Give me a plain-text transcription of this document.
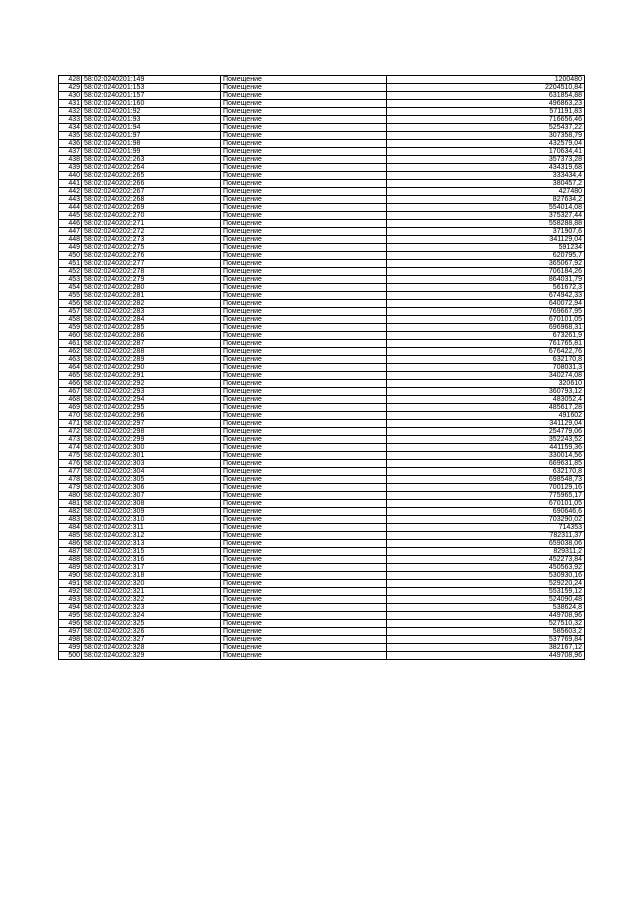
428	58:02:0240201:149	Помещение	1200480
429	58:02:0240201:153	Помещение	2204510,84
430	58:02:0240201:157	Помещение	631854,88
431	58:02:0240201:160	Помещение	496863,23
432	58:02:0240201:92	Помещение	571191,83
433	58:02:0240201:93	Помещение	716656,46
434	58:02:0240201:94	Помещение	525437,22
435	58:02:0240201:97	Помещение	307358,79
436	58:02:0240201:98	Помещение	432579,04
437	58:02:0240201:99	Помещение	170634,41
438	58:02:0240202:263	Помещение	357373,28
439	58:02:0240202:264	Помещение	434319,68
440	58:02:0240202:265	Помещение	333434,4
441	58:02:0240202:266	Помещение	380457,2
442	58:02:0240202:267	Помещение	427480
443	58:02:0240202:268	Помещение	827634,2
444	58:02:0240202:269	Помещение	554014,08
445	58:02:0240202:270	Помещение	375327,44
446	58:02:0240202:271	Помещение	558288,88
447	58:02:0240202:272	Помещение	371907,6
448	58:02:0240202:273	Помещение	341129,04
449	58:02:0240202:275	Помещение	591234
450	58:02:0240202:276	Помещение	620795,7
451	58:02:0240202:277	Помещение	365067,92
452	58:02:0240202:278	Помещение	706184,26
453	58:02:0240202:279	Помещение	864031,79
454	58:02:0240202:280	Помещение	561672,3
455	58:02:0240202:281	Помещение	674942,33
456	58:02:0240202:282	Помещение	640072,94
457	58:02:0240202:283	Помещение	769667,95
458	58:02:0240202:284	Помещение	670101,05
459	58:02:0240202:285	Помещение	696968,31
460	58:02:0240202:286	Помещение	673261,9
461	58:02:0240202:287	Помещение	761765,81
462	58:02:0240202:288	Помещение	676422,76
463	58:02:0240202:289	Помещение	632170,8
464	58:02:0240202:290	Помещение	708031,3
465	58:02:0240202:291	Помещение	340274,08
466	58:02:0240202:292	Помещение	320610
467	58:02:0240202:293	Помещение	360793,12
468	58:02:0240202:294	Помещение	483052,4
469	58:02:0240202:295	Помещение	485617,28
470	58:02:0240202:296	Помещение	491602
471	58:02:0240202:297	Помещение	341129,04
472	58:02:0240202:298	Помещение	254779,06
473	58:02:0240202:299	Помещение	352243,52
474	58:02:0240202:300	Помещение	441159,36
475	58:02:0240202:301	Помещение	330014,56
476	58:02:0240202:303	Помещение	669631,85
477	58:02:0240202:304	Помещение	632170,8
478	58:02:0240202:305	Помещение	698548,73
479	58:02:0240202:306	Помещение	700129,16
480	58:02:0240202:307	Помещение	775965,17
481	58:02:0240202:308	Помещение	670101,05
482	58:02:0240202:309	Помещение	690646,6
483	58:02:0240202:310	Помещение	703290,02
484	58:02:0240202:311	Помещение	714353
485	58:02:0240202:312	Помещение	782311,37
486	58:02:0240202:313	Помещение	659038,06
487	58:02:0240202:315	Помещение	829311,2
488	58:02:0240202:316	Помещение	452273,84
489	58:02:0240202:317	Помещение	450563,92
490	58:02:0240202:318	Помещение	530930,16
491	58:02:0240202:320	Помещение	529220,24
492	58:02:0240202:321	Помещение	553159,12
493	58:02:0240202:322	Помещение	524090,48
494	58:02:0240202:323	Помещение	538624,8
495	58:02:0240202:324	Помещение	449708,96
496	58:02:0240202:325	Помещение	527510,32
497	58:02:0240202:326	Помещение	585603,2
498	58:02:0240202:327	Помещение	537769,84
499	58:02:0240202:328	Помещение	382167,12
500	58:02:0240202:329	Помещение	449708,96
